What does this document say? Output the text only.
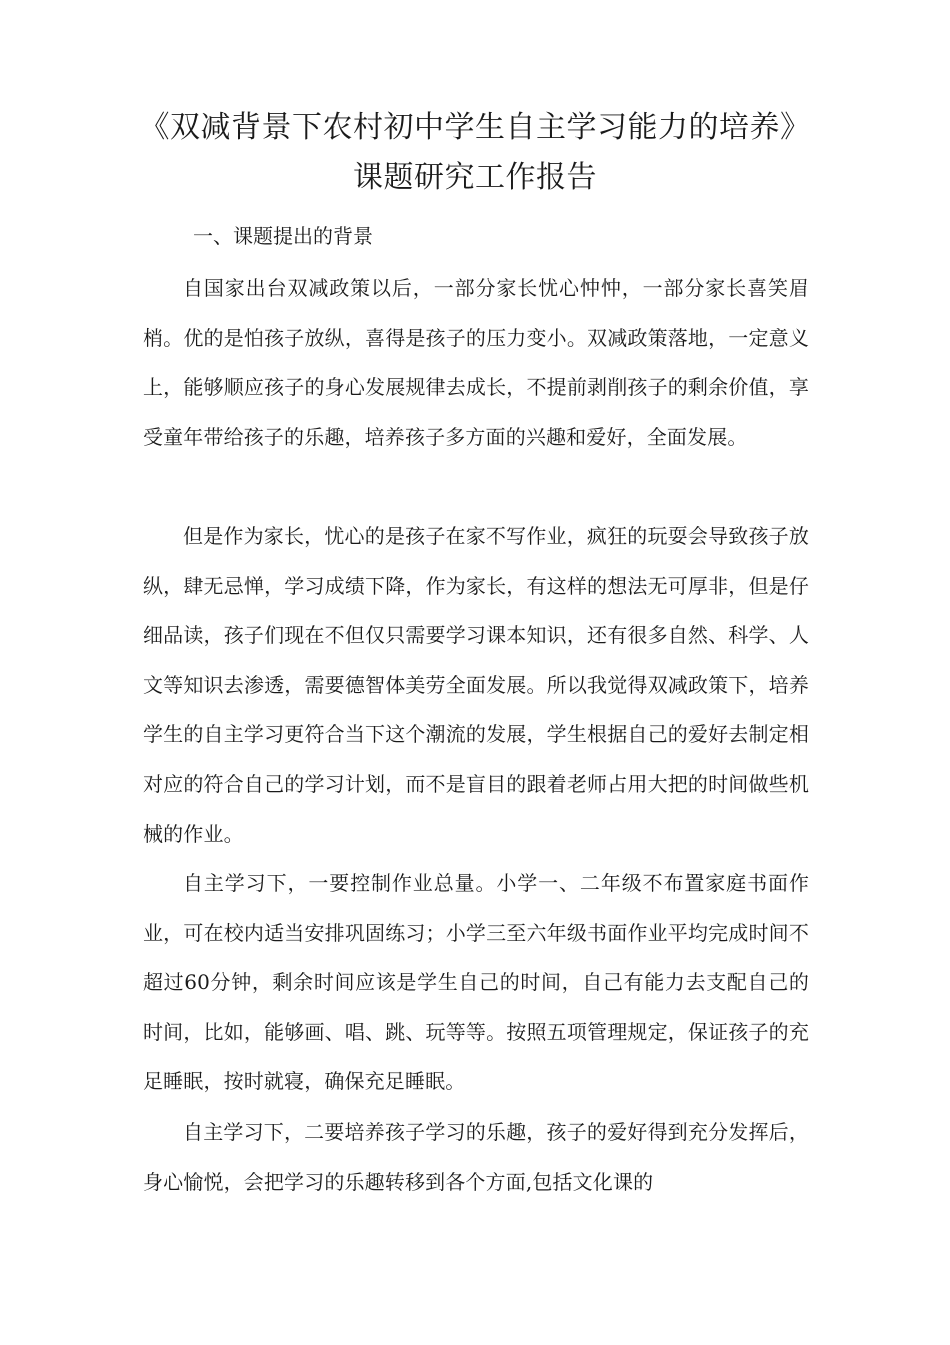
《双减背景下农村初中学生自主学习能力的培养》
课题研究工作报告
一、课题提出的背景

自国家出台双减政策以后，一部分家长忧心忡忡，一部分家长喜笑眉梢。优的是怕孩子放纵，喜得是孩子的压力变小。双减政策落地，一定意义上，能够顺应孩子的身心发展规律去成长，不提前剥削孩子的剩余价值，享受童年带给孩子的乐趣，培养孩子多方面的兴趣和爱好，全面发展。

但是作为家长，忧心的是孩子在家不写作业，疯狂的玩耍会导致孩子放纵，肆无忌惮，学习成绩下降，作为家长，有这样的想法无可厚非，但是仔细品读，孩子们现在不但仅只需要学习课本知识，还有很多自然、科学、人文等知识去渗透，需要德智体美劳全面发展。所以我觉得双减政策下，培养学生的自主学习更符合当下这个潮流的发展，学生根据自己的爱好去制定相对应的符合自己的学习计划，而不是盲目的跟着老师占用大把的时间做些机械的作业。

自主学习下，一要控制作业总量。小学一、二年级不布置家庭书面作业，可在校内适当安排巩固练习；小学三至六年级书面作业平均完成时间不超过60分钟，剩余时间应该是学生自己的时间，自己有能力去支配自己的时间，比如，能够画、唱、跳、玩等等。按照五项管理规定，保证孩子的充足睡眠，按时就寝，确保充足睡眠。

自主学习下，二要培养孩子学习的乐趣，孩子的爱好得到充分发挥后，身心愉悦，会把学习的乐趣转移到各个方面,包括文化课的
